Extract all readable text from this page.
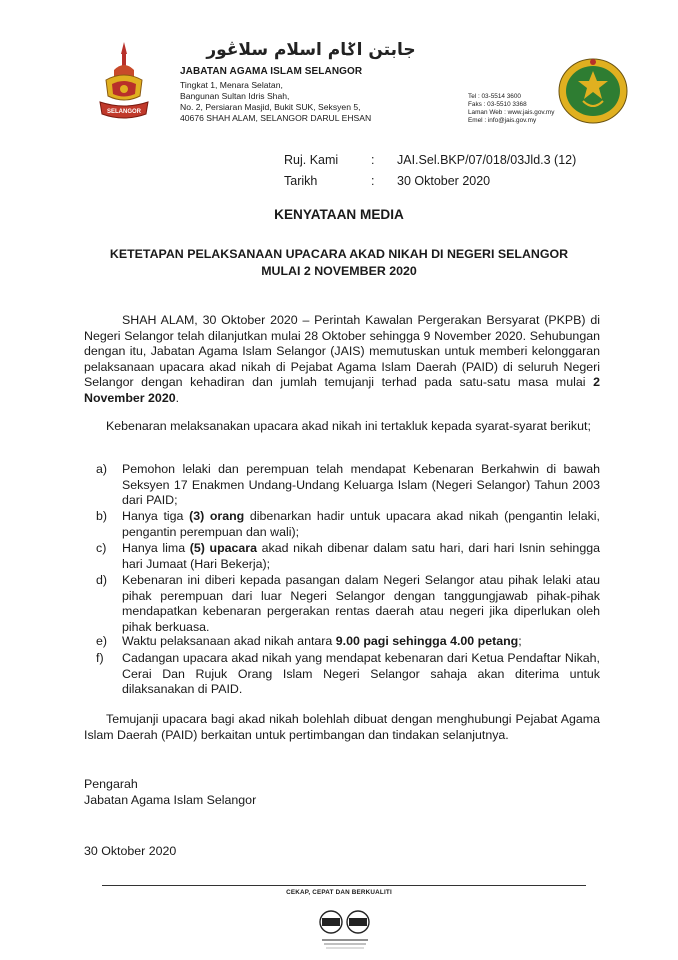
SELANGOR
جابتن اݢام اسلام سلاڠور
JABATAN AGAMA ISLAM SELANGOR
Tingkat 1, Menara Selatan,
Bangunan Sultan Idris Shah,
No. 2, Persiaran Masjid, Bukit SUK, Seksyen 5,
40676 SHAH ALAM, SELANGOR DARUL EHSAN
Tel : 03-5514 3600
Faks : 03-5510 3368
Laman Web : www.jais.gov.my
Emel : info@jais.gov.my
Ruj. Kami	: JAI.Sel.BKP/07/018/03Jld.3 (12)
Tarikh	: 30 Oktober 2020
KENYATAAN MEDIA
KETETAPAN PELAKSANAAN UPACARA AKAD NIKAH DI NEGERI SELANGOR
MULAI 2 NOVEMBER 2020
SHAH ALAM, 30 Oktober 2020 – Perintah Kawalan Pergerakan Bersyarat (PKPB) di Negeri Selangor telah dilanjutkan mulai 28 Oktober sehingga 9 November 2020. Sehubungan dengan itu, Jabatan Agama Islam Selangor (JAIS) memutuskan untuk memberi kelonggaran pelaksanaan upacara akad nikah di Pejabat Agama Islam Daerah (PAID) di seluruh Negeri Selangor dengan kehadiran dan jumlah temujanji terhad pada satu-satu masa mulai 2 November 2020.
Kebenaran melaksanakan upacara akad nikah ini tertakluk kepada syarat-syarat berikut;
a) Pemohon lelaki dan perempuan telah mendapat Kebenaran Berkahwin di bawah Seksyen 17 Enakmen Undang-Undang Keluarga Islam (Negeri Selangor) Tahun 2003 dari PAID;
b) Hanya tiga (3) orang dibenarkan hadir untuk upacara akad nikah (pengantin lelaki, pengantin perempuan dan wali);
c) Hanya lima (5) upacara akad nikah dibenar dalam satu hari, dari hari Isnin sehingga hari Jumaat (Hari Bekerja);
d) Kebenaran ini diberi kepada pasangan dalam Negeri Selangor atau pihak lelaki atau pihak perempuan dari luar Negeri Selangor dengan tanggungjawab pihak-pihak mendapatkan kebenaran pergerakan rentas daerah atau negeri jika diperlukan oleh pihak berkuasa.
e) Waktu pelaksanaan akad nikah antara 9.00 pagi sehingga 4.00 petang;
f) Cadangan upacara akad nikah yang mendapat kebenaran dari Ketua Pendaftar Nikah, Cerai Dan Rujuk Orang Islam Negeri Selangor sahaja akan diterima untuk dilaksanakan di PAID.
Temujanji upacara bagi akad nikah bolehlah dibuat dengan menghubungi Pejabat Agama Islam Daerah (PAID) berkaitan untuk pertimbangan dan tindakan selanjutnya.
Pengarah
Jabatan Agama Islam Selangor
30 Oktober 2020
CEKAP, CEPAT DAN BERKUALITI
